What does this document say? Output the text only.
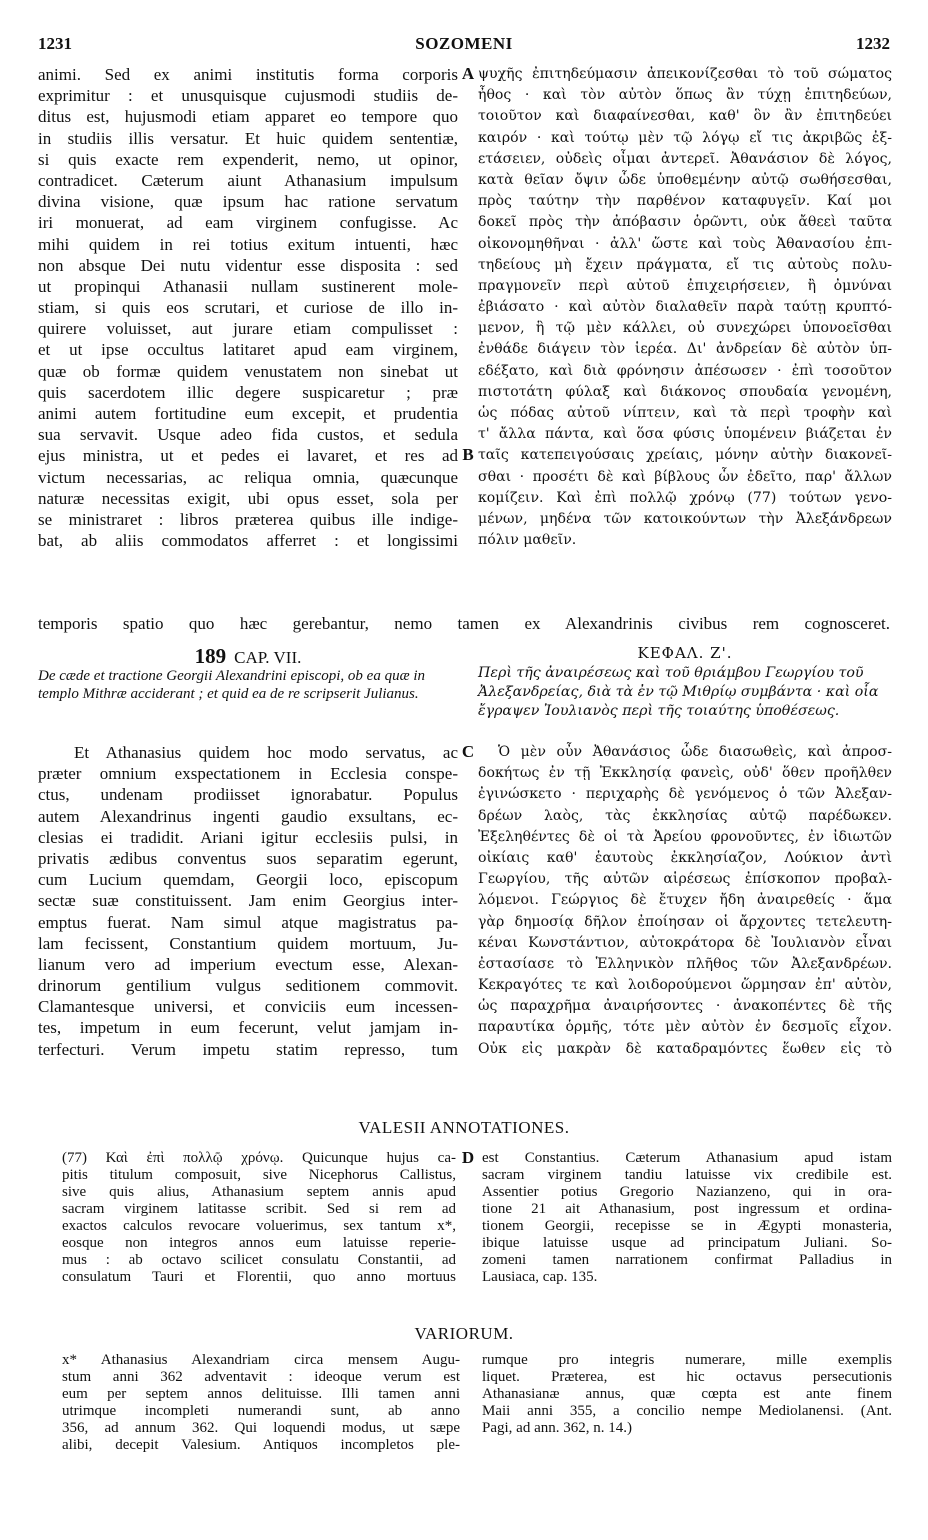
1231	SOZOMENI	1232
animi. Sed ex animi institutis forma corporis
exprimitur : et unusquisque cujusmodi studiis de-
ditus est, hujusmodi etiam apparet eo tempore quo
in studiis illis versatur. Et huic quidem sententiæ,
si quis exacte rem expenderit, nemo, ut opinor,
contradicet. Cæterum aiunt Athanasium impulsum
divina visione, quæ ipsum hac ratione servatum
iri monuerat, ad eam virginem confugisse. Ac
mihi quidem in rei totius exitum intuenti, hæc
non absque Dei nutu videntur esse disposita : sed
ut propinqui Athanasii nullam sustinerent mole-
stiam, si quis eos scrutari, et curiose de illo in-
quirere voluisset, aut jurare etiam compulisset :
et ut ipse occultus latitaret apud eam virginem,
quæ ob formæ quidem venustatem non sinebat ut
quis sacerdotem illic degere suspicaretur ; præ
animi autem fortitudine eum excepit, et prudentia
sua servavit. Usque adeo fida custos, et sedula
ejus ministra, ut et pedes ei lavaret, et res ad
victum necessarias, ac reliqua omnia, quæcunque
naturæ necessitas exigit, ubi opus esset, sola per
se ministraret : libros præterea quibus ille indige-
bat, ab aliis commodatos afferret : et longissimi
ψυχῆς ἐπιτηδεύμασιν ἀπεικονίζεσθαι τὸ τοῦ σώματος
ἦθος · καὶ τὸν αὐτὸν ὅπως ἂν τύχῃ ἐπιτηδεύων,
τοιοῦτον καὶ διαφαίνεσθαι, καθ' ὃν ἂν ἐπιτηδεύει
καιρόν · καὶ τούτῳ μὲν τῷ λόγῳ εἴ τις ἀκριβῶς ἐξ-
ετάσειεν, οὐδεὶς οἶμαι ἀντερεῖ. Ἀθανάσιον δὲ λόγος,
κατὰ θεῖαν ὄψιν ὧδε ὑποθεμένην αὐτῷ σωθήσεσθαι,
πρὸς ταύτην τὴν παρθένον καταφυγεῖν. Καί μοι
δοκεῖ πρὸς τὴν ἀπόβασιν ὁρῶντι, οὐκ ἄθεεὶ ταῦτα
οἰκονομηθῆναι · ἀλλ' ὥστε καὶ τοὺς Ἀθανασίου ἐπι-
τηδείους μὴ ἔχειν πράγματα, εἴ τις αὐτοὺς πολυ-
πραγμονεῖν περὶ αὐτοῦ ἐπιχειρήσειεν, ἢ ὀμνύναι
ἐβιάσατο · καὶ αὐτὸν διαλαθεῖν παρὰ ταύτῃ κρυπτό-
μενον, ἣ τῷ μὲν κάλλει, οὐ συνεχώρει ὑπονοεῖσθαι
ἐνθάδε διάγειν τὸν ἱερέα. Δι' ἀνδρείαν δὲ αὐτὸν ὑπ-
εδέξατο, καὶ διὰ φρόνησιν ἀπέσωσεν · ἐπὶ τοσοῦτον
πιστοτάτη φύλαξ καὶ διάκονος σπουδαία γενομένη,
ὡς πόδας αὐτοῦ νίπτειν, καὶ τὰ περὶ τροφὴν καὶ
τ' ἄλλα πάντα, καὶ ὅσα φύσις ὑπομένειν βιάζεται ἐν
ταῖς κατεπειγούσαις χρείαις, μόνην αὐτὴν διακονεῖ-
σθαι · προσέτι δὲ καὶ βίβλους ὧν ἐδεῖτο, παρ' ἄλλων
κομίζειν. Καὶ ἐπὶ πολλῷ χρόνῳ (77) τούτων γενο-
μένων, μηδένα τῶν κατοικούντων τὴν Ἀλεξάνδρεων
πόλιν μαθεῖν.
A
B
C
temporis spatio quo hæc gerebantur, nemo tamen ex Alexandrinis civibus rem cognosceret.
189 CAP. VII.	ΚΕΦΑΛ. Ζ'.
De cæde et tractione Georgii Alexandrini episcopi, ob ea quæ in templo Mithræ acciderant ; et quid ea de re scripserit Julianus.
Περὶ τῆς ἀναιρέσεως καὶ τοῦ θριάμβου Γεωργίου τοῦ Ἀλεξανδρείας, διὰ τὰ ἐν τῷ Μιθρίῳ συμβάντα · καὶ οἷα ἔγραψεν Ἰουλιανὸς περὶ τῆς τοιαύτης ὑποθέσεως.
Et Athanasius quidem hoc modo servatus, ac
præter omnium exspectationem in Ecclesia conspe-
ctus, undenam prodiisset ignorabatur. Populus
autem Alexandrinus ingenti gaudio exsultans, ec-
clesias ei tradidit. Ariani igitur ecclesiis pulsi, in
privatis ædibus conventus suos separatim egerunt,
cum Lucium quemdam, Georgii loco, episcopum
sectæ suæ constituissent. Jam enim Georgius inter-
emptus fuerat. Nam simul atque magistratus pa-
lam fecissent, Constantium quidem mortuum, Ju-
lianum vero ad imperium evectum esse, Alexan-
drinorum gentilium vulgus seditionem commovit.
Clamantesque universi, et conviciis eum incessen-
tes, impetum in eum fecerunt, velut jamjam in-
terfecturi. Verum impetu statim represso, tum
Ὁ μὲν οὖν Ἀθανάσιος ὧδε διασωθεὶς, καὶ ἀπροσ-
δοκήτως ἐν τῇ Ἐκκλησίᾳ φανεὶς, οὐδ' ὅθεν προῆλθεν
ἐγινώσκετο · περιχαρὴς δὲ γενόμενος ὁ τῶν Ἀλεξαν-
δρέων λαὸς, τὰς ἐκκλησίας αὐτῷ παρέδωκεν.
Ἐξεληθέντες δὲ οἱ τὰ Ἀρείου φρονοῦντες, ἐν ἰδιωτῶν
οἰκίαις καθ' ἑαυτοὺς ἐκκλησίαζον, Λούκιον ἀντὶ
Γεωργίου, τῆς αὐτῶν αἱρέσεως ἐπίσκοπον προβαλ-
λόμενοι. Γεώργιος δὲ ἔτυχεν ἤδη ἀναιρεθείς · ἅμα
γὰρ δημοσίᾳ δῆλον ἐποίησαν οἱ ἄρχοντες τετελευτη-
κέναι Κωνστάντιον, αὐτοκράτορα δὲ Ἰουλιανὸν εἶναι
ἐστασίασε τὸ Ἑλληνικὸν πλῆθος τῶν Ἀλεξανδρέων.
Κεκραγότες τε καὶ λοιδορούμενοι ὥρμησαν ἐπ' αὐτὸν,
ὡς παραχρῆμα ἀναιρήσοντες · ἀνακοπέντες δὲ τῆς
παραυτίκα ὁρμῆς, τότε μὲν αὐτὸν ἐν δεσμοῖς εἶχον.
Οὐκ εἰς μακρὰν δὲ καταδραμόντες ἕωθεν εἰς τὸ
VALESII ANNOTATIONES.
D
(77) Καὶ ἐπὶ πολλῷ χρόνῳ. Quicunque hujus ca-
pitis titulum composuit, sive Nicephorus Callistus,
sive quis alius, Athanasium septem annis apud
sacram virginem latitasse scribit. Sed si rem ad
exactos calculos revocare voluerimus, sex tantum x*,
eosque non integros annos eum latuisse reperie-
mus : ab octavo scilicet consulatu Constantii, ad
consulatum Tauri et Florentii, quo anno mortuus
est Constantius. Cæterum Athanasium apud istam
sacram virginem tandiu latuisse vix credibile est.
Assentier potius Gregorio Nazianzeno, qui in ora-
tione 21 ait Athanasium, post ingressum et ordina-
tionem Georgii, recepisse se in Ægypti monasteria,
ibique latuisse usque ad principatum Juliani. So-
zomeni tamen narrationem confirmat Palladius in
Lausiaca, cap. 135.
VARIORUM.
x* Athanasius Alexandriam circa mensem Augu-
stum anni 362 adventavit : ideoque verum est
eum per septem annos delituisse. Illi tamen anni
utrimque incompleti numerandi sunt, ab anno
356, ad annum 362. Qui loquendi modus, ut sæpe
alibi, decepit Valesium. Antiquos incompletos ple-
rumque pro integris numerare, mille exemplis
liquet. Præterea, est hic octavus persecutionis
Athanasianæ annus, quæ cœpta est ante finem
Maii anni 355, a concilio nempe Mediolanensi. (Ant.
Pagi, ad ann. 362, n. 14.)
